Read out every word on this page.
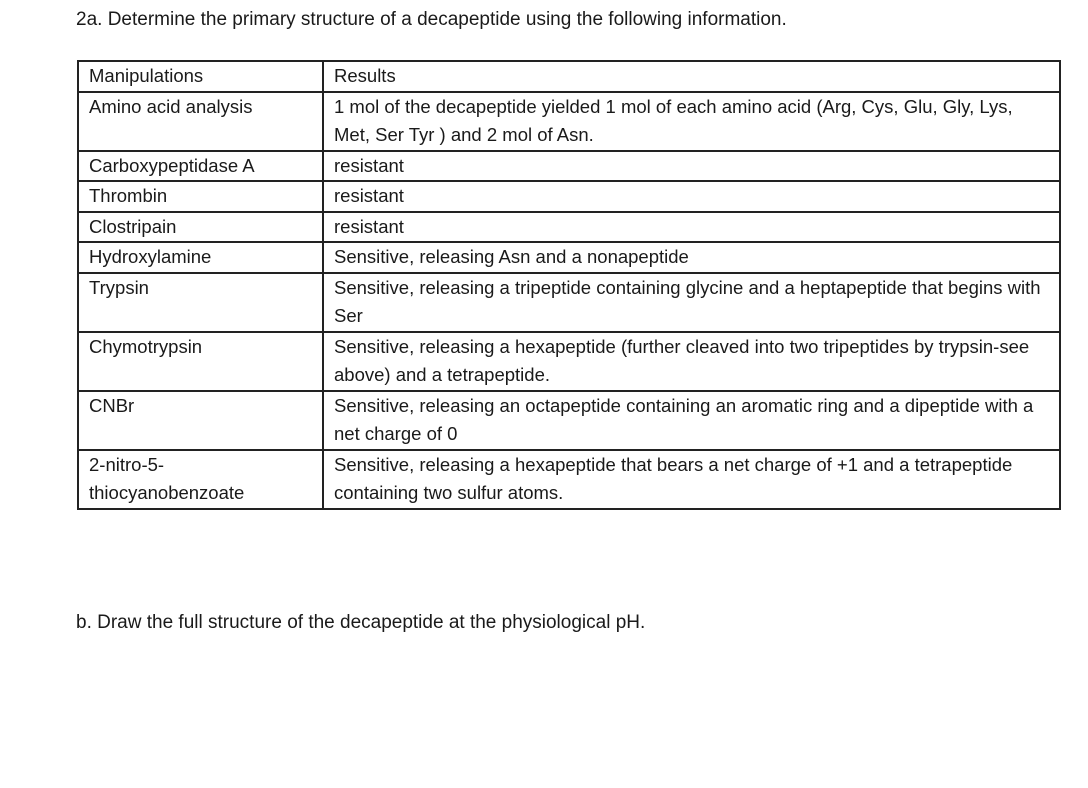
2a. Determine the primary structure of a decapeptide using the following information.
Manipulations	Results
Amino acid analysis	1 mol of the decapeptide yielded 1 mol of each amino acid (Arg, Cys, Glu, Gly, Lys, Met, Ser Tyr ) and 2 mol of Asn.
Carboxypeptidase A	resistant
Thrombin	resistant
Clostripain	resistant
Hydroxylamine	Sensitive, releasing Asn and a nonapeptide
Trypsin	Sensitive, releasing a tripeptide containing glycine and a heptapeptide that begins with Ser
Chymotrypsin	Sensitive, releasing a hexapeptide (further cleaved into two tripeptides by trypsin-see above) and a tetrapeptide.
CNBr	Sensitive, releasing an octapeptide containing an aromatic ring and a dipeptide with a net charge of 0
2-nitro-5-thiocyanobenzoate	Sensitive, releasing a hexapeptide that bears a net charge of +1 and a tetrapeptide containing two sulfur atoms.
b. Draw the full structure of the decapeptide at the physiological pH.
